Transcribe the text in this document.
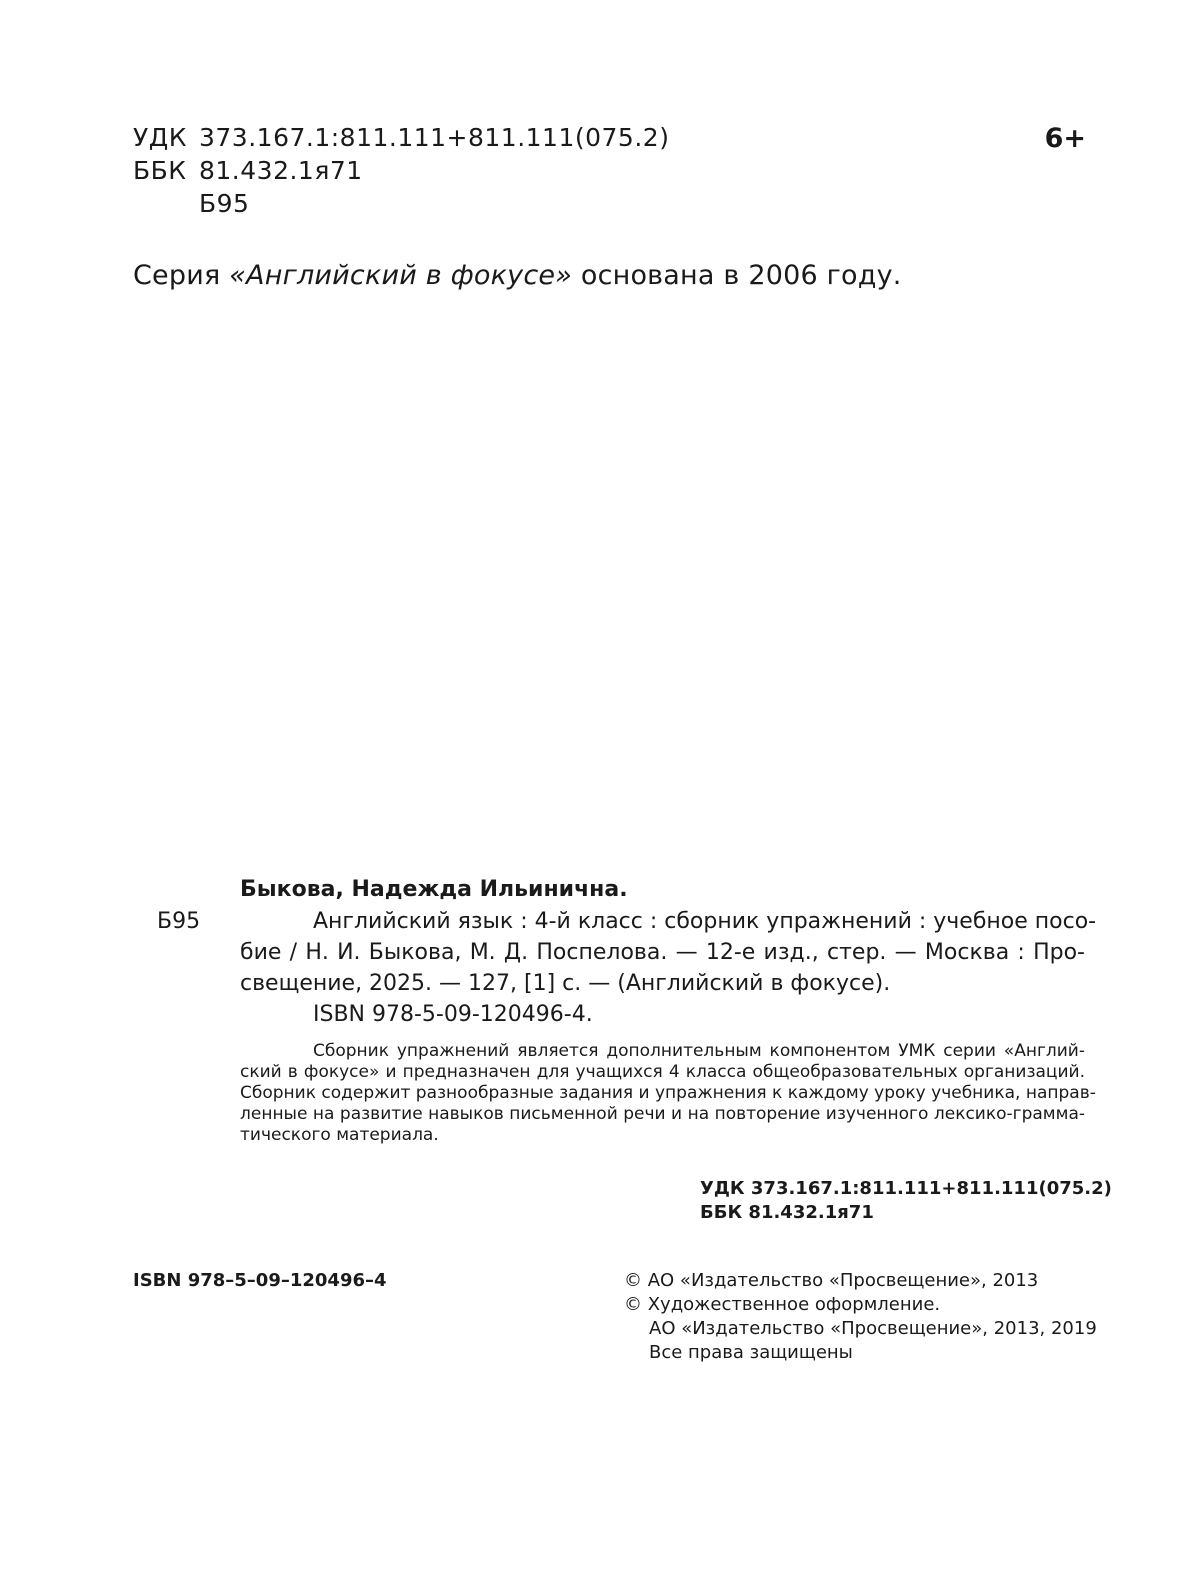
УДК 373.167.1:811.111+811.111(075.2)
ББК 81.432.1я71
Б95
6+
Серия «Английский в фокусе» основана в 2006 году.
Быкова, Надежда Ильинична.
Б95	Английский язык : 4-й класс : сборник упражнений : учебное посо-
бие / Н. И. Быкова, М. Д. Поспелова. — 12-е изд., стер. — Москва : Про-
свещение, 2025. — 127, [1] с. — (Английский в фокусе).
ISBN 978-5-09-120496-4.
Сборник упражнений является дополнительным компонентом УМК серии «Англий-
ский в фокусе» и предназначен для учащихся 4 класса общеобразовательных организаций.
Сборник содержит разнообразные задания и упражнения к каждому уроку учебника, направ-
ленные на развитие навыков письменной речи и на повторение изученного лексико-граммa-
тического материала.
УДК 373.167.1:811.111+811.111(075.2)
ББК 81.432.1я71
ISBN 978–5–09–120496–4	© АО «Издательство «Просвещение», 2013
© Художественное оформление.
АО «Издательство «Просвещение», 2013, 2019
Все права защищены
